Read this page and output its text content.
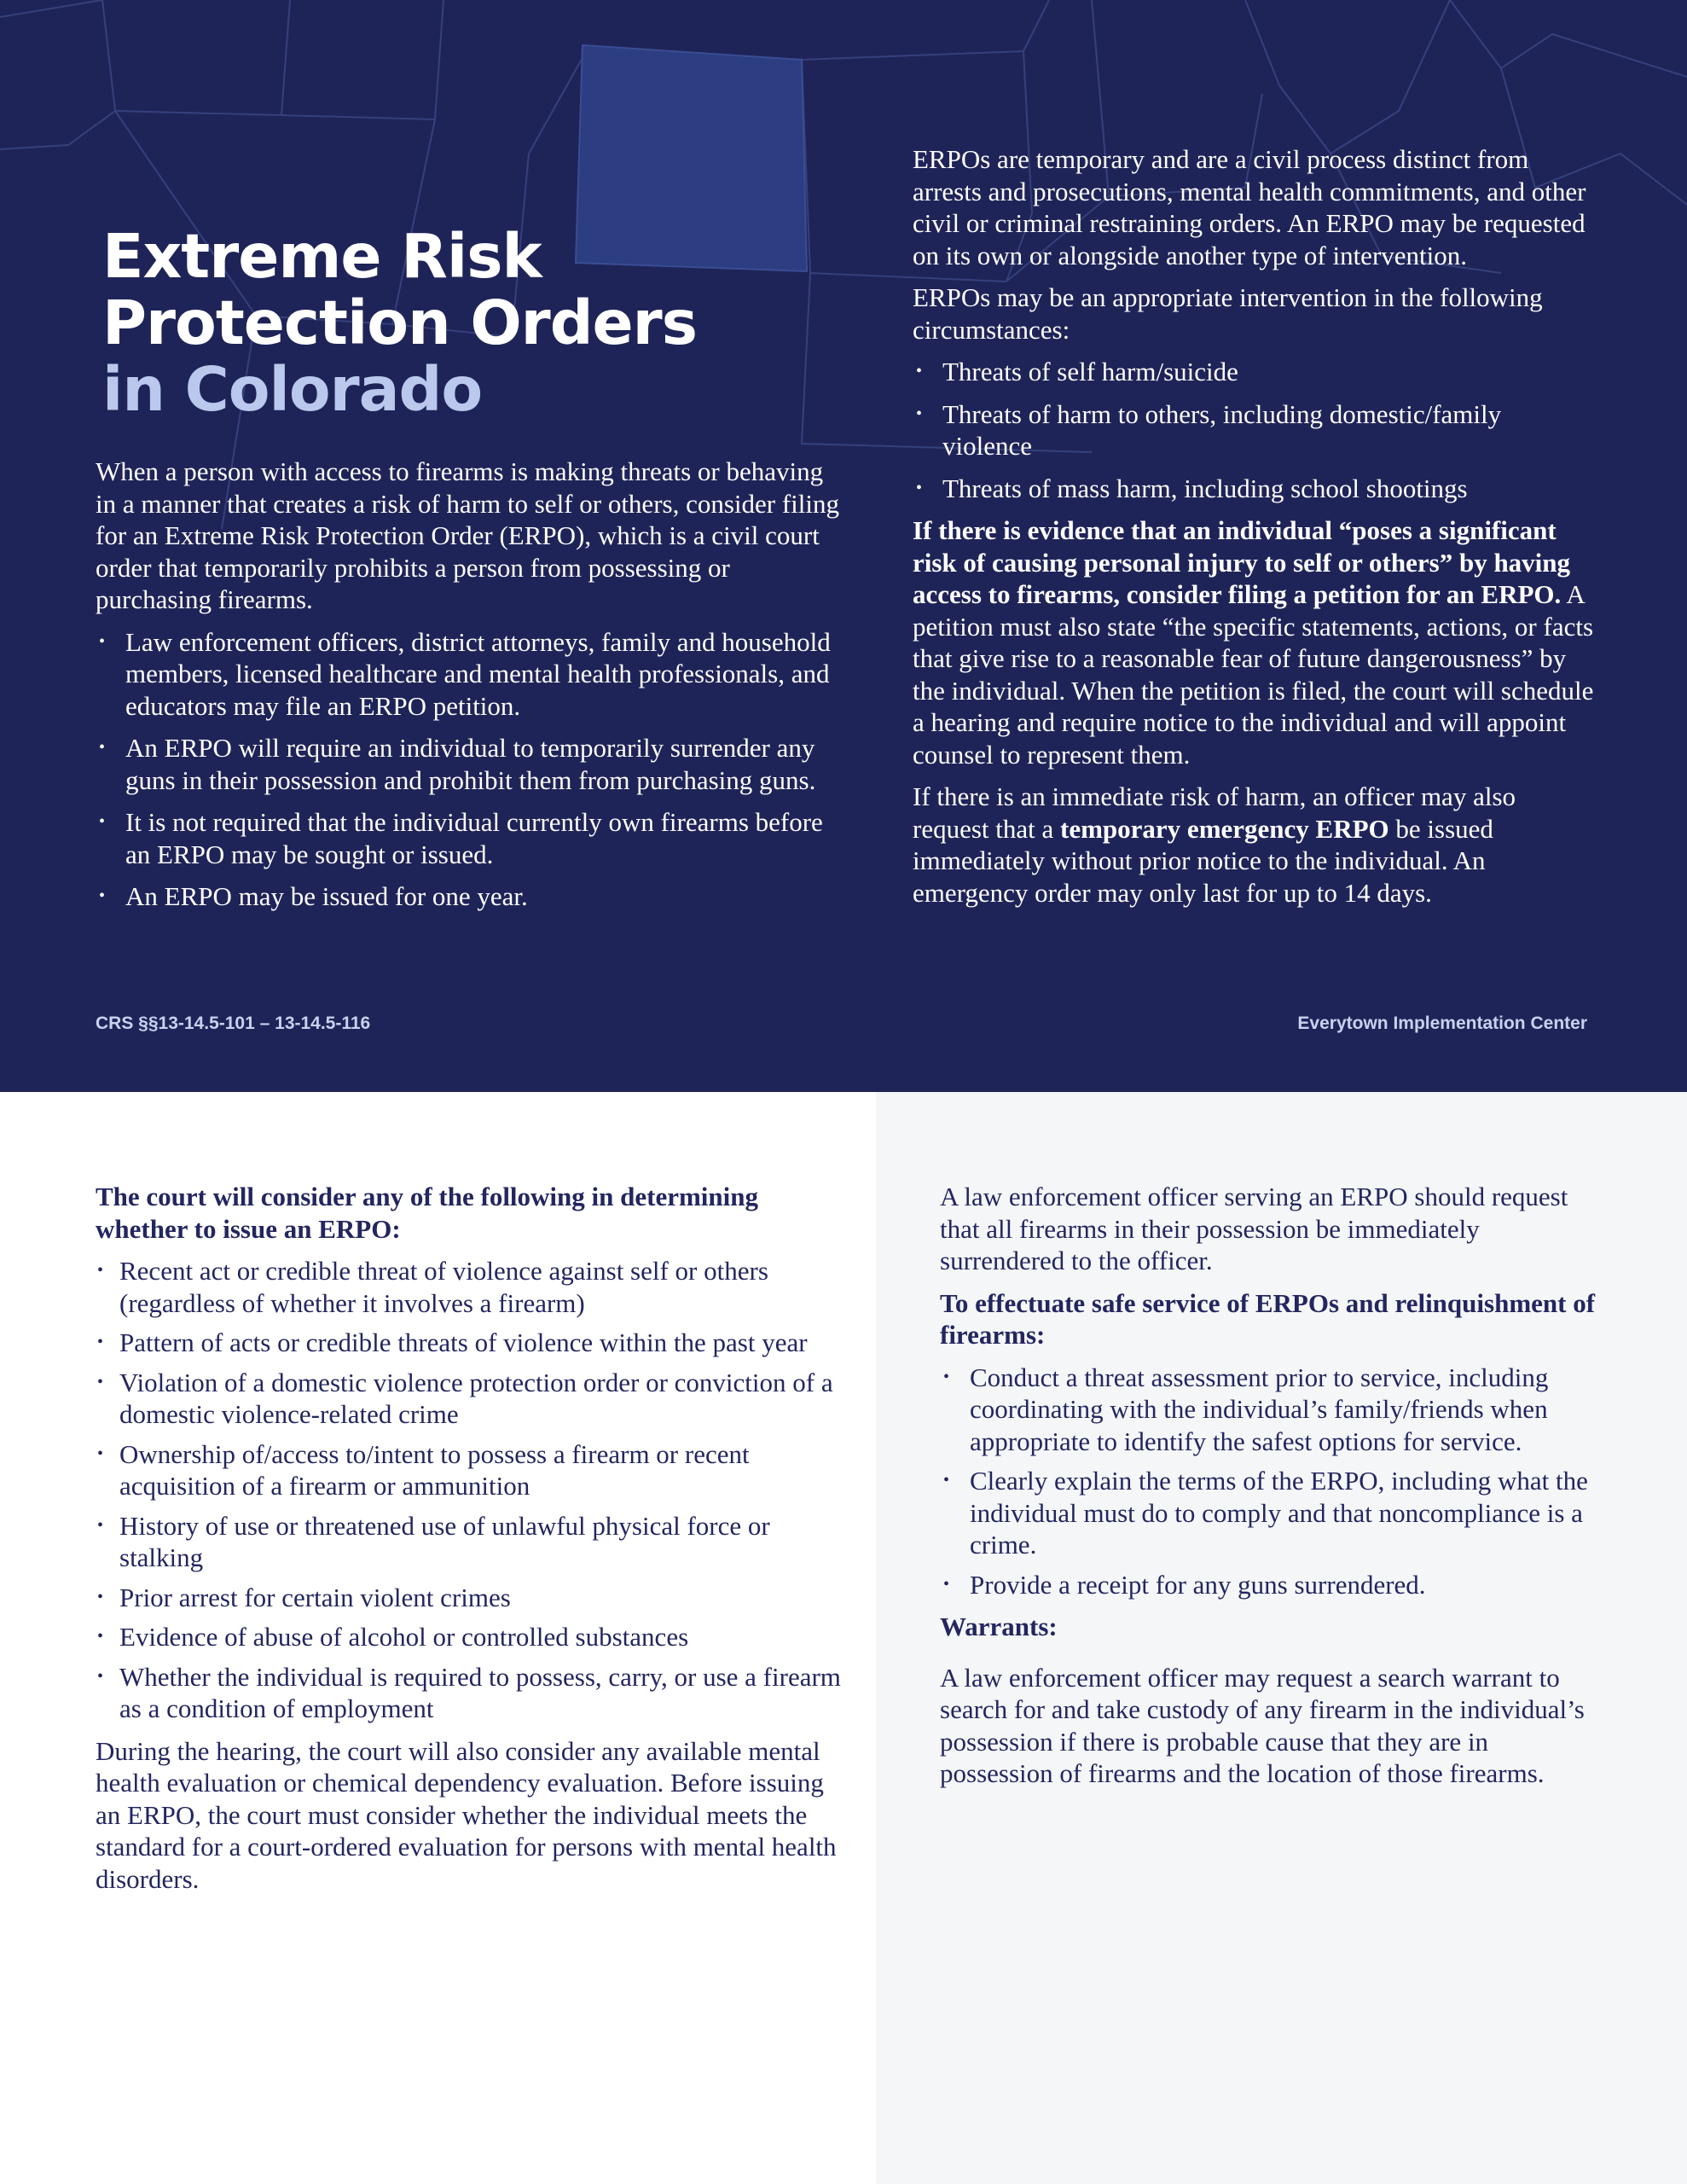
Extreme Risk
Protection Orders
in Colorado

When a person with access to firearms is making threats or behaving in a manner that creates a risk of harm to self or others, consider filing for an Extreme Risk Protection Order (ERPO), which is a civil court order that temporarily prohibits a person from possessing or purchasing firearms.

• Law enforcement officers, district attorneys, family and household members, licensed healthcare and mental health professionals, and educators may file an ERPO petition.
• An ERPO will require an individual to temporarily surrender any guns in their possession and prohibit them from purchasing guns.
• It is not required that the individual currently own firearms before an ERPO may be sought or issued.
• An ERPO may be issued for one year.

ERPOs are temporary and are a civil process distinct from arrests and prosecutions, mental health commitments, and other civil or criminal restraining orders. An ERPO may be requested on its own or alongside another type of intervention.

ERPOs may be an appropriate intervention in the following circumstances:

• Threats of self harm/suicide
• Threats of harm to others, including domestic/family violence
• Threats of mass harm, including school shootings

If there is evidence that an individual “poses a significant risk of causing personal injury to self or others” by having access to firearms, consider filing a petition for an ERPO. A petition must also state “the specific statements, actions, or facts that give rise to a reasonable fear of future dangerousness” by the individual. When the petition is filed, the court will schedule a hearing and require notice to the individual and will appoint counsel to represent them.

If there is an immediate risk of harm, an officer may also request that a temporary emergency ERPO be issued immediately without prior notice to the individual. An emergency order may only last for up to 14 days.

CRS §§13-14.5-101 – 13-14.5-116	Everytown Implementation Center

The court will consider any of the following in determining whether to issue an ERPO:

• Recent act or credible threat of violence against self or others (regardless of whether it involves a firearm)
• Pattern of acts or credible threats of violence within the past year
• Violation of a domestic violence protection order or conviction of a domestic violence-related crime
• Ownership of/access to/intent to possess a firearm or recent acquisition of a firearm or ammunition
• History of use or threatened use of unlawful physical force or stalking
• Prior arrest for certain violent crimes
• Evidence of abuse of alcohol or controlled substances
• Whether the individual is required to possess, carry, or use a firearm as a condition of employment

During the hearing, the court will also consider any available mental health evaluation or chemical dependency evaluation. Before issuing an ERPO, the court must consider whether the individual meets the standard for a court-ordered evaluation for persons with mental health disorders.

A law enforcement officer serving an ERPO should request that all firearms in their possession be immediately surrendered to the officer.

To effectuate safe service of ERPOs and relinquishment of firearms:

• Conduct a threat assessment prior to service, including coordinating with the individual’s family/friends when appropriate to identify the safest options for service.
• Clearly explain the terms of the ERPO, including what the individual must do to comply and that noncompliance is a crime.
• Provide a receipt for any guns surrendered.

Warrants:

A law enforcement officer may request a search warrant to search for and take custody of any firearm in the individual’s possession if there is probable cause that they are in possession of firearms and the location of those firearms.
